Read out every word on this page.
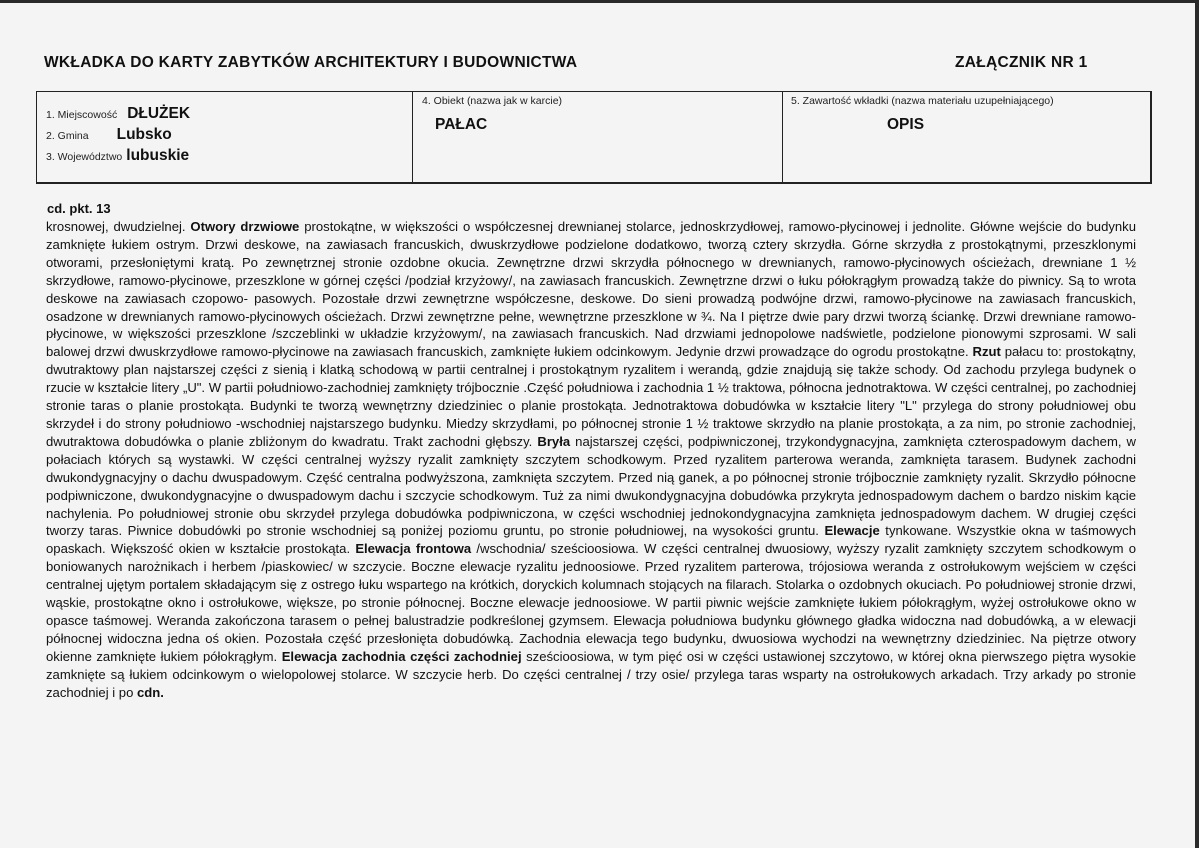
WKŁADKA DO KARTY ZABYTKÓW ARCHITEKTURY I BUDOWNICTWA	ZAŁĄCZNIK NR 1
1. Miejscowość DŁUŻEK
2. Gmina Lubsko
3. Województwo lubuskie
4. Obiekt (nazwa jak w karcie)
PAŁAC
5. Zawartość wkładki (nazwa materiału uzupełniającego)
OPIS
cd. pkt. 13
krosnowej, dwudzielnej. Otwory drzwiowe prostokątne, w większości o współczesnej drewnianej stolarce, jednoskrzydłowej, ramowo-płycinowej i jednolite. Główne wejście do budynku zamknięte łukiem ostrym. Drzwi deskowe, na zawiasach francuskich, dwuskrzydłowe podzielone dodatkowo, tworzą cztery skrzydła. Górne skrzydła z prostokątnymi, przeszklonymi otworami, przesłoniętymi kratą. Po zewnętrznej stronie ozdobne okucia. Zewnętrzne drzwi skrzydła północnego w drewnianych, ramowo-płycinowych ościeżach, drewniane 1 ½ skrzydłowe, ramowo-płycinowe, przeszklone w górnej części /podział krzyżowy/, na zawiasach francuskich. Zewnętrzne drzwi o łuku półokrągłym prowadzą także do piwnicy. Są to wrota deskowe na zawiasach czopowo- pasowych. Pozostałe drzwi zewnętrzne współczesne, deskowe. Do sieni prowadzą podwójne drzwi, ramowo-płycinowe na zawiasach francuskich, osadzone w drewnianych ramowo-płycinowych ościeżach. Drzwi zewnętrzne pełne, wewnętrzne przeszklone w ¾. Na I piętrze dwie pary drzwi tworzą ściankę. Drzwi drewniane ramowo-płycinowe, w większości przeszklone /szczeblinki w układzie krzyżowym/, na zawiasach francuskich. Nad drzwiami jednopolowe nadświetle, podzielone pionowymi szprosami. W sali balowej drzwi dwuskrzydłowe ramowo-płycinowe na zawiasach francuskich, zamknięte łukiem odcinkowym. Jedynie drzwi prowadzące do ogrodu prostokątne. Rzut pałacu to: prostokątny, dwutraktowy plan najstarszej części z sienią i klatką schodową w partii centralnej i prostokątnym ryzalitem i werandą, gdzie znajdują się także schody. Od zachodu przylega budynek o rzucie w kształcie litery „U". W partii południowo-zachodniej zamknięty trójbocznie .Część południowa i zachodnia 1 ½ traktowa, północna jednotraktowa. W części centralnej, po zachodniej stronie taras o planie prostokąta. Budynki te tworzą wewnętrzny dziedziniec o planie prostokąta. Jednotraktowa dobudówka w kształcie litery "L" przylega do strony południowej obu skrzydeł i do strony południowo -wschodniej najstarszego budynku. Miedzy skrzydłami, po północnej stronie 1 ½ traktowe skrzydło na planie prostokąta, a za nim, po stronie zachodniej, dwutraktowa dobudówka o planie zbliżonym do kwadratu. Trakt zachodni głębszy. Bryła najstarszej części, podpiwniczonej, trzykondygnacyjna, zamknięta czterospadowym dachem, w połaciach których są wystawki. W części centralnej wyższy ryzalit zamknięty szczytem schodkowym. Przed ryzalitem parterowa weranda, zamknięta tarasem. Budynek zachodni dwukondygnacyjny o dachu dwuspadowym. Część centralna podwyższona, zamknięta szczytem. Przed nią ganek, a po północnej stronie trójbocznie zamknięty ryzalit. Skrzydło północne podpiwniczone, dwukondygnacyjne o dwuspadowym dachu i szczycie schodkowym. Tuż za nimi dwukondygnacyjna dobudówka przykryta jednospadowym dachem o bardzo niskim kącie nachylenia. Po południowej stronie obu skrzydeł przylega dobudówka podpiwniczona, w części wschodniej jednokondygnacyjna zamknięta jednospadowym dachem. W drugiej części tworzy taras. Piwnice dobudówki po stronie wschodniej są poniżej poziomu gruntu, po stronie południowej, na wysokości gruntu. Elewacje tynkowane. Wszystkie okna w taśmowych opaskach. Większość okien w kształcie prostokąta. Elewacja frontowa /wschodnia/ sześcioosiowa. W części centralnej dwuosiowy, wyższy ryzalit zamknięty szczytem schodkowym o boniowanych narożnikach i herbem /piaskowiec/ w szczycie. Boczne elewacje ryzalitu jednoosiowe. Przed ryzalitem parterowa, trójosiowa weranda z ostrołukowym wejściem w części centralnej ujętym portalem składającym się z ostrego łuku wspartego na krótkich, doryckich kolumnach stojących na filarach. Stolarka o ozdobnych okuciach. Po południowej stronie drzwi, wąskie, prostokątne okno i ostrołukowe, większe, po stronie północnej. Boczne elewacje jednoosiowe. W partii piwnic wejście zamknięte łukiem półokrągłym, wyżej ostrołukowe okno w opasce taśmowej. Weranda zakończona tarasem o pełnej balustradzie podkreślonej gzymsem. Elewacja południowa budynku głównego gładka widoczna nad dobudówką, a w elewacji północnej widoczna jedna oś okien. Pozostała część przesłonięta dobudówką. Zachodnia elewacja tego budynku, dwuosiowa wychodzi na wewnętrzny dziedziniec. Na piętrze otwory okienne zamknięte łukiem półokrągłym. Elewacja zachodnia części zachodniej sześcioosiowa, w tym pięć osi w części ustawionej szczytowo, w której okna pierwszego piętra wysokie zamknięte są łukiem odcinkowym o wielopolowej stolarce. W szczycie herb. Do części centralnej / trzy osie/ przylega taras wsparty na ostrołukowych arkadach. Trzy arkady po stronie zachodniej i po cdn.
